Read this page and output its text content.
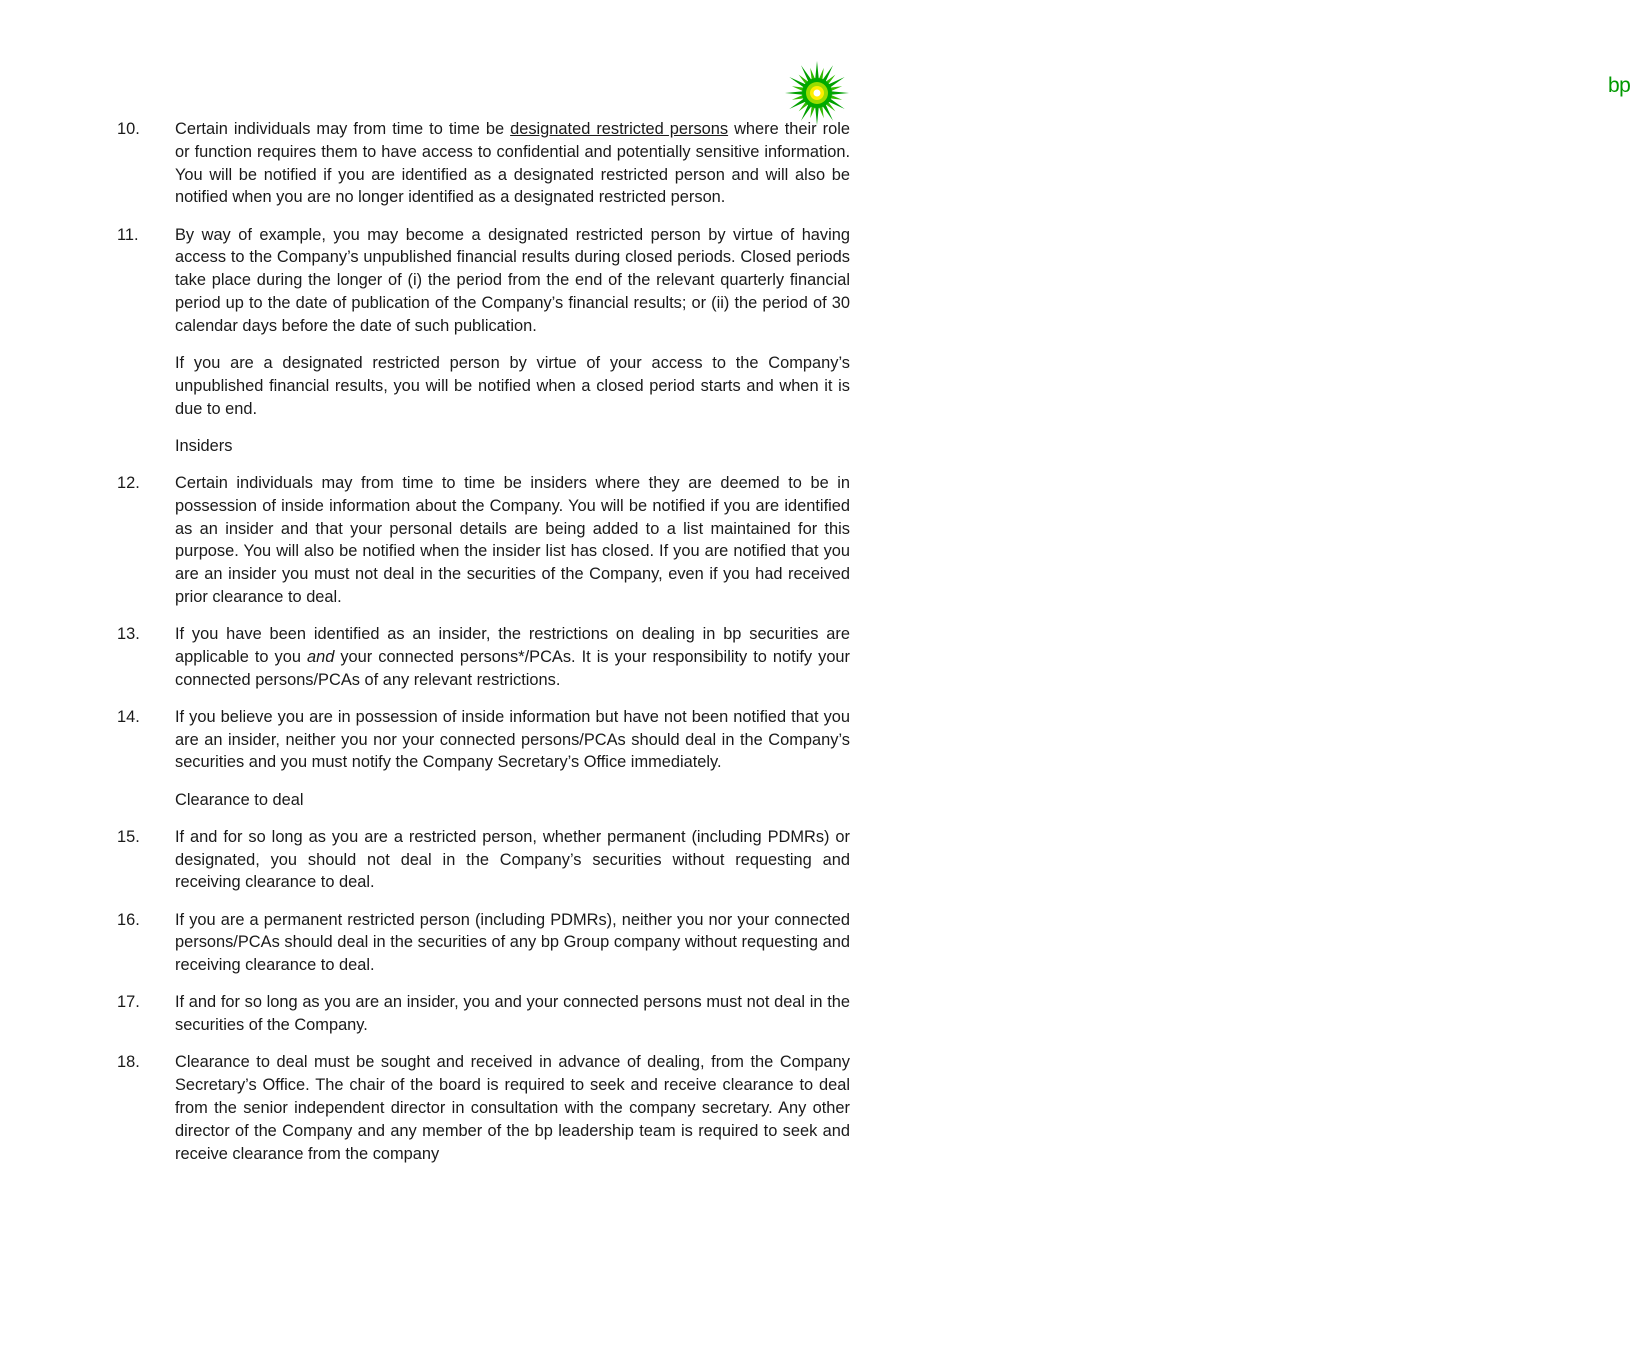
bp
10.	Certain individuals may from time to time be designated restricted persons where their role or function requires them to have access to confidential and potentially sensitive information. You will be notified if you are identified as a designated restricted person and will also be notified when you are no longer identified as a designated restricted person.
11.	By way of example, you may become a designated restricted person by virtue of having access to the Company’s unpublished financial results during closed periods. Closed periods take place during the longer of (i) the period from the end of the relevant quarterly financial period up to the date of publication of the Company’s financial results; or (ii) the period of 30 calendar days before the date of such publication.
If you are a designated restricted person by virtue of your access to the Company’s unpublished financial results, you will be notified when a closed period starts and when it is due to end.
Insiders
12.	Certain individuals may from time to time be insiders where they are deemed to be in possession of inside information about the Company. You will be notified if you are identified as an insider and that your personal details are being added to a list maintained for this purpose. You will also be notified when the insider list has closed. If you are notified that you are an insider you must not deal in the securities of the Company, even if you had received prior clearance to deal.
13.	If you have been identified as an insider, the restrictions on dealing in bp securities are applicable to you and your connected persons*/PCAs. It is your responsibility to notify your connected persons/PCAs of any relevant restrictions.
14.	If you believe you are in possession of inside information but have not been notified that you are an insider, neither you nor your connected persons/PCAs should deal in the Company’s securities and you must notify the Company Secretary’s Office immediately.
Clearance to deal
15.	If and for so long as you are a restricted person, whether permanent (including PDMRs) or designated, you should not deal in the Company’s securities without requesting and receiving clearance to deal.
16.	If you are a permanent restricted person (including PDMRs), neither you nor your connected persons/PCAs should deal in the securities of any bp Group company without requesting and receiving clearance to deal.
17.	If and for so long as you are an insider, you and your connected persons must not deal in the securities of the Company.
18.	Clearance to deal must be sought and received in advance of dealing, from the Company Secretary’s Office. The chair of the board is required to seek and receive clearance to deal from the senior independent director in consultation with the company secretary. Any other director of the Company and any member of the bp leadership team is required to seek and receive clearance from the company
